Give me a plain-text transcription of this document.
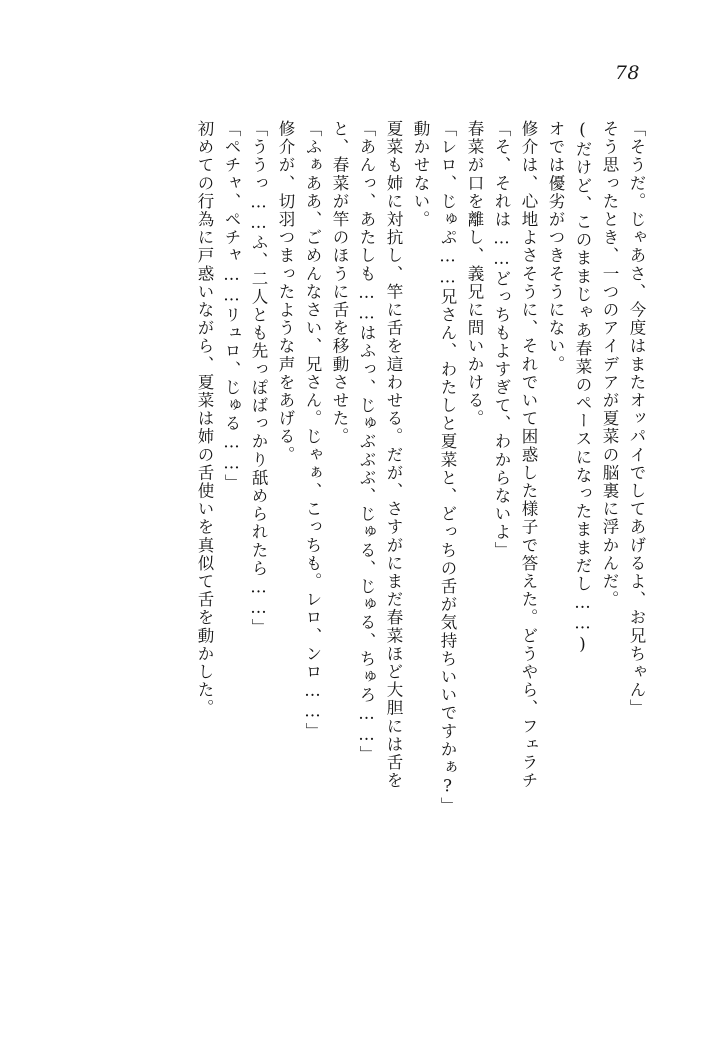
78
初めての行為に戸惑いながら、夏菜は姉の舌使いを真似て舌を動かした。 「ペチャ、ペチャ……リュロ、じゅる……」 「ううっ……ふ、二人とも先っぽばっかり舐められたら……」 修介が、切羽つまったような声をあげる。 「ふぁああ、ごめんなさい、兄さん。じゃぁ、こっちも。レロ、ンロ……」 と、春菜が竿のほうに舌を移動させた。 「あんっ、あたしも……はふっ、じゅぶぶぶ、じゅる、じゅる、ちゅろ……」 夏菜も姉に対抗し、竿に舌を這わせる。だが、さすがにまだ春菜ほど大胆には舌を 動かせない。 「レロ、じゅぷ……兄さん、わたしと夏菜と、どっちの舌が気持ちいいですかぁ?」 春菜が口を離し、義兄に問いかける。 「そ、それは……どっちもよすぎて、わからないよ」 修介は、心地よさそうに、それでいて困惑した様子で答えた。どうやら、フェラチ オでは優劣がつきそうにない。 (だけど、このままじゃあ春菜のペースになったままだし……) そう思ったとき、一つのアイデアが夏菜の脳裏に浮かんだ。 「そうだ。じゃあさ、今度はまたオッパイでしてあげるよ、お兄ちゃん」
